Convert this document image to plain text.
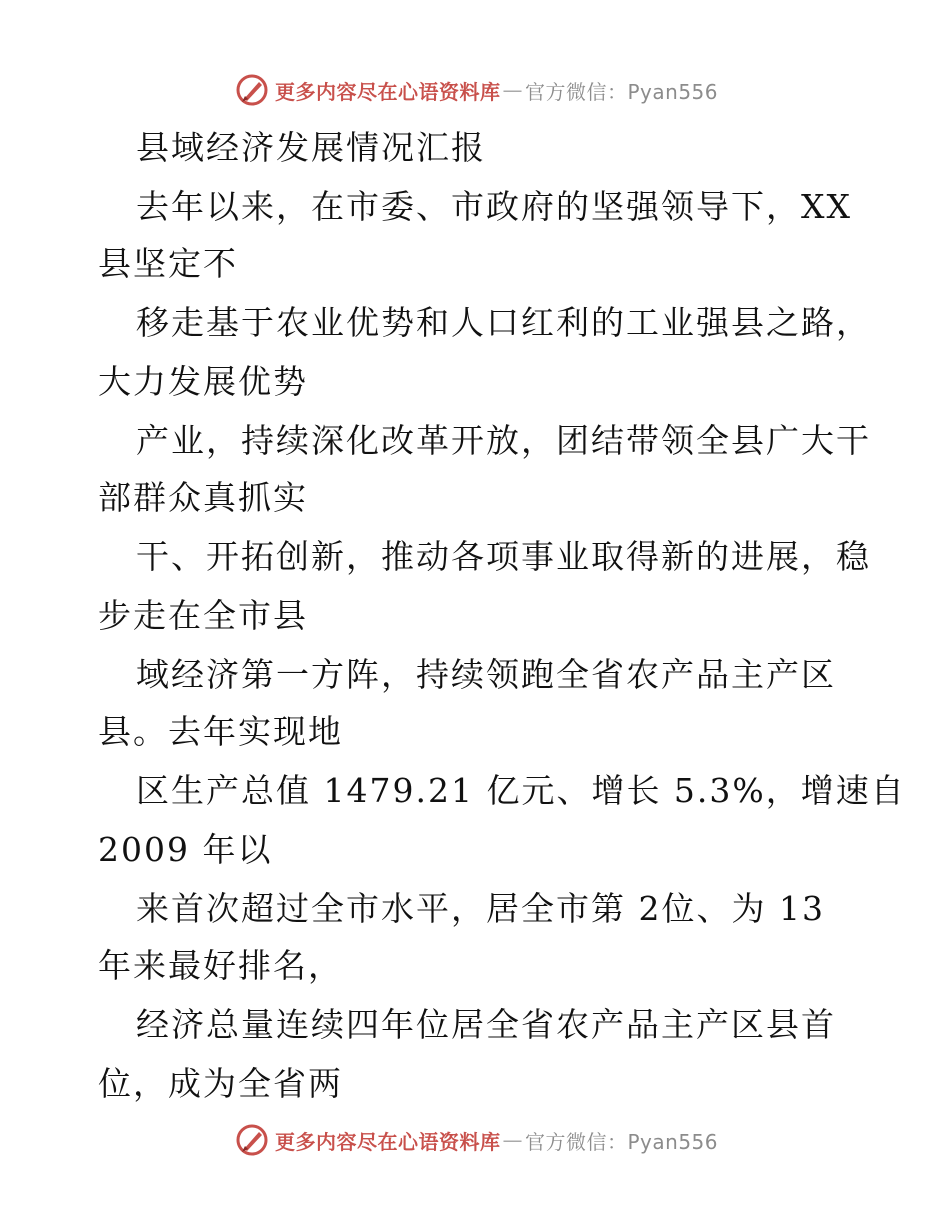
更多内容尽在心语资料库 — 官方微信：Pyan556
县域经济发展情况汇报
去年以来，在市委、市政府的坚强领导下，XX
县坚定不
移走基于农业优势和人口红利的工业强县之路，
大力发展优势
产业，持续深化改革开放，团结带领全县广大干
部群众真抓实
干、开拓创新，推动各项事业取得新的进展，稳
步走在全市县
域经济第一方阵，持续领跑全省农产品主产区
县。去年实现地
区生产总值 1479.21 亿元、增长 5.3%，增速自
2009 年以
来首次超过全市水平，居全市第 2位、为 13
年来最好排名，
经济总量连续四年位居全省农产品主产区县首
位，成为全省两
更多内容尽在心语资料库 — 官方微信：Pyan556
